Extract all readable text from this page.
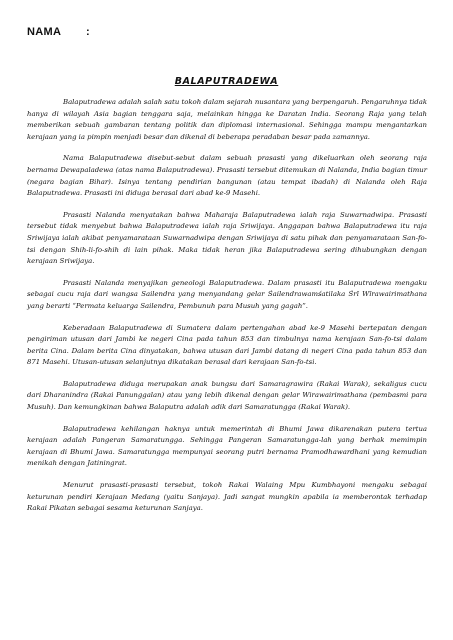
NAMA :

BALAPUTRADEWA

Balaputradewa adalah salah satu tokoh dalam sejarah nusantara yang berpengaruh. Pengaruhnya tidak hanya di wilayah Asia bagian tenggara saja, melainkan hingga ke Daratan India. Seorang Raja yang telah memberikan sebuah gambaran tentang politik dan diplomasi internasional. Sehingga mampu mengantarkan kerajaan yang ia pimpin menjadi besar dan dikenal di beberapa peradaban besar pada zamannya.

Nama Balaputradewa disebut-sebut dalam sebuah prasasti yang dikeluarkan oleh seorang raja bernama Dewapaladewa (atas nama Balaputradewa). Prasasti tersebut ditemukan di Nalanda, India bagian timur (negara bagian Bihar). Isinya tentang pendirian bangunan (atau tempat ibadah) di Nalanda oleh Raja Balaputradewa. Prasasti ini diduga berasal dari abad ke-9 Masehi.

Prasasti Nalanda menyatakan bahwa Maharaja Balaputradewa ialah raja Suwarnadwipa. Prasasti tersebut tidak menyebut bahwa Balaputradewa ialah raja Sriwijaya. Anggapan bahwa Balaputradewa itu raja Sriwijaya ialah akibat penyamarataan Suwarnadwipa dengan Sriwijaya di satu pihak dan penyamarataan San-fo-tsi dengan Shih-li-fo-shih di lain pihak. Maka tidak heran jika Balaputradewa sering dihubungkan dengan kerajaan Sriwijaya.

Prasasti Nalanda menyajikan geneologi Balaputradewa. Dalam prasasti itu Balaputradewa mengaku sebagai cucu raja dari wangsa Sailendra yang menyandang gelar Śailendrawamśatilaka Śrī Wīrawairimathana yang berarti “Permata keluarga Sailendra, Pembunuh para Musuh yang gagah”.

Keberadaan Balaputradewa di Sumatera dalam pertengahan abad ke-9 Masehi bertepatan dengan pengiriman utusan dari Jambi ke negeri Cina pada tahun 853 dan timbulnya nama kerajaan San-fo-tsi dalam berita Cina. Dalam berita Cina dinyatakan, bahwa utusan dari Jambi datang di negeri Cina pada tahun 853 dan 871 Masehi. Utusan-utusan selanjutnya dikatakan berasal dari kerajaan San-fo-tsi.

Balaputradewa diduga merupakan anak bungsu dari Samaragrawira (Rakai Warak), sekaligus cucu dari Dharanindra (Rakai Panunggalan) atau yang lebih dikenal dengan gelar Wirawairimathana (pembasmi para Musuh). Dan kemungkinan bahwa Balaputra adalah adik dari Samaratungga (Rakai Warak).

Balaputradewa kehilangan haknya untuk memerintah di Bhumi Jawa dikarenakan putera tertua kerajaan adalah Pangeran Samaratungga. Sehingga Pangeran Samaratungga-lah yang berhak memimpin kerajaan di Bhumi Jawa. Samaratungga mempunyai seorang putri bernama Pramodhawardhani yang kemudian menikah dengan Jatiningrat.

Menurut prasasti-prasasti tersebut, tokoh Rakai Walaing Mpu Kumbhayoni mengaku sebagai keturunan pendiri Kerajaan Medang (yaitu Sanjaya). Jadi sangat mungkin apabila ia memberontak terhadap Rakai Pikatan sebagai sesama keturunan Sanjaya.
